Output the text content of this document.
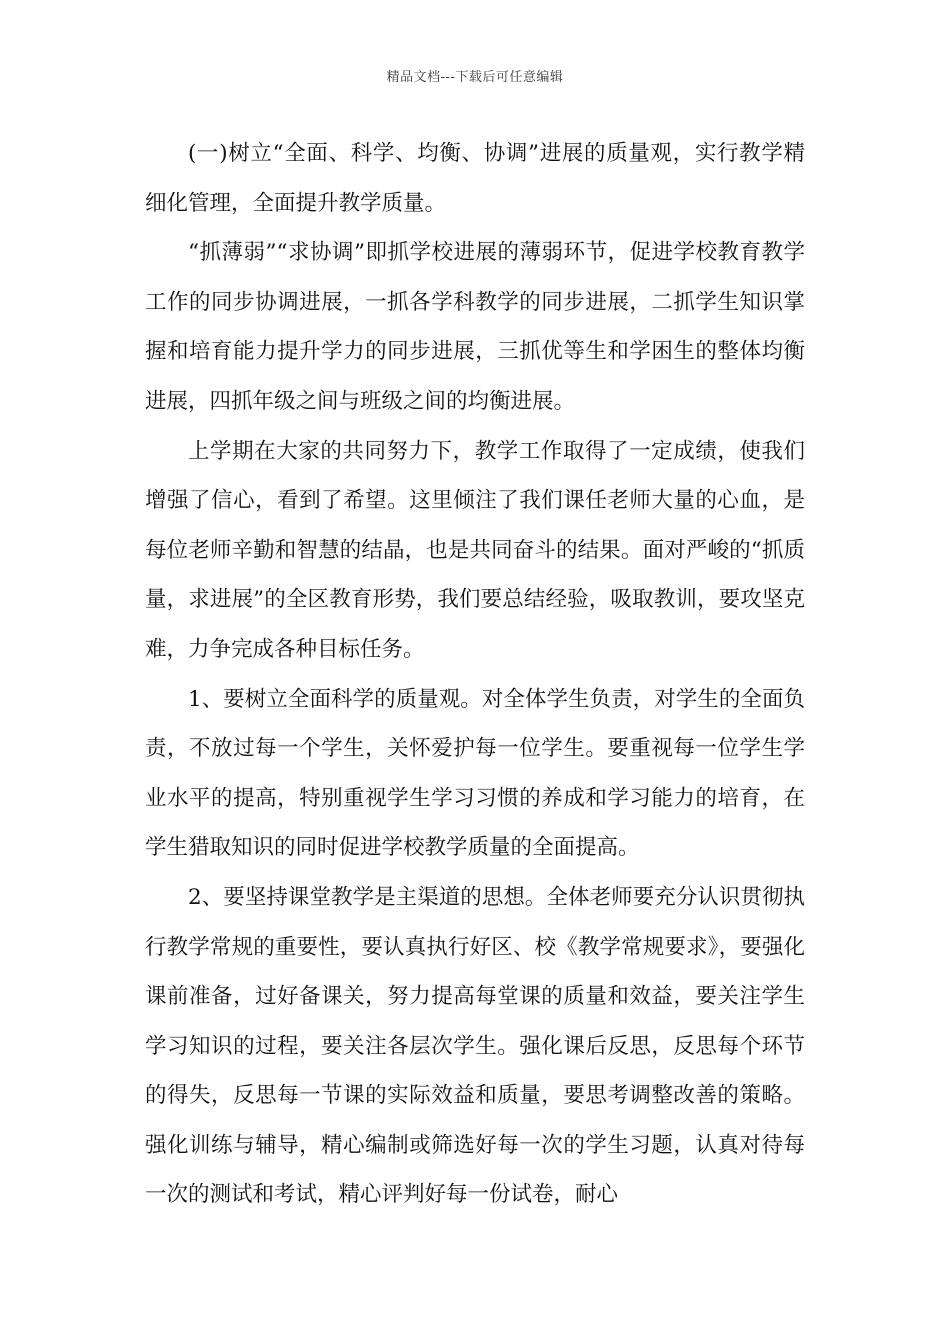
精品文档---下载后可任意编辑

(一)树立“全面、科学、均衡、协调”进展的质量观，实行教学精细化管理，全面提升教学质量。

“抓薄弱”“求协调”即抓学校进展的薄弱环节，促进学校教育教学工作的同步协调进展，一抓各学科教学的同步进展，二抓学生知识掌握和培育能力提升学力的同步进展，三抓优等生和学困生的整体均衡进展，四抓年级之间与班级之间的均衡进展。

上学期在大家的共同努力下，教学工作取得了一定成绩，使我们增强了信心，看到了希望。这里倾注了我们课任老师大量的心血，是每位老师辛勤和智慧的结晶，也是共同奋斗的结果。面对严峻的“抓质量，求进展”的全区教育形势，我们要总结经验，吸取教训，要攻坚克难，力争完成各种目标任务。

1、要树立全面科学的质量观。对全体学生负责，对学生的全面负责，不放过每一个学生，关怀爱护每一位学生。要重视每一位学生学业水平的提高，特别重视学生学习习惯的养成和学习能力的培育，在学生猎取知识的同时促进学校教学质量的全面提高。

2、要坚持课堂教学是主渠道的思想。全体老师要充分认识贯彻执行教学常规的重要性，要认真执行好区、校《教学常规要求》，要强化课前准备，过好备课关，努力提高每堂课的质量和效益，要关注学生学习知识的过程，要关注各层次学生。强化课后反思，反思每个环节的得失，反思每一节课的实际效益和质量，要思考调整改善的策略。强化训练与辅导，精心编制或筛选好每一次的学生习题，认真对待每一次的测试和考试，精心评判好每一份试卷，耐心
